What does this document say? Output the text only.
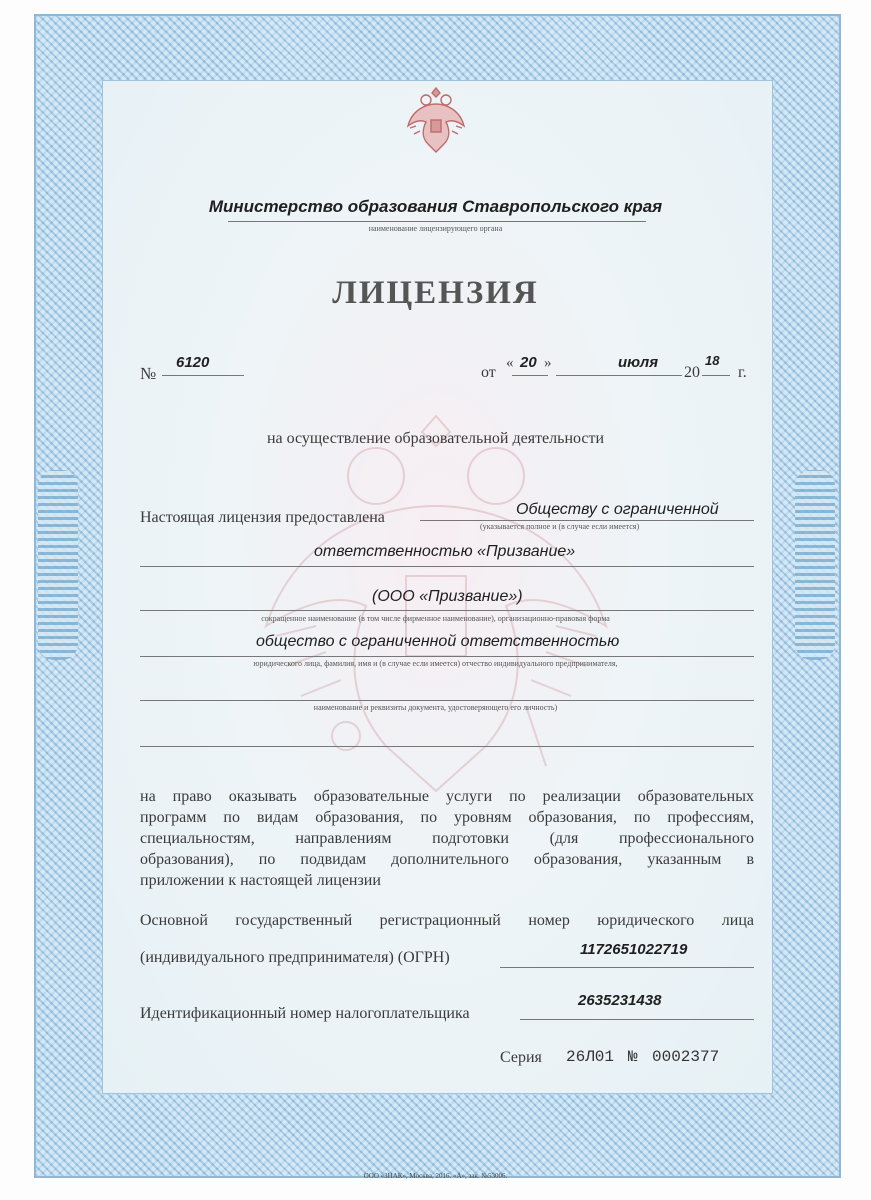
Министерство образования Ставропольского края
наименование лицензирующего органа
ЛИЦЕНЗИЯ
№
6120
от
« 20 »	июля
20
18
г.
на осуществление образовательной деятельности
Настоящая лицензия предоставлена	Обществу с ограниченной
(указывается полное и (в случае если имеется)
ответственностью «Призвание»
(ООО «Призвание»)
сокращенное наименование (в том числе фирменное наименование), организационно-правовая форма
общество с ограниченной ответственностью
юридического лица, фамилия, имя и (в случае если имеется) отчество индивидуального предпринимателя,
наименование и реквизиты документа, удостоверяющего его личность)
на право оказывать образовательные услуги по реализации образовательных
программ по видам образования, по уровням образования, по профессиям,
специальностям, направлениям подготовки (для профессионального
образования), по подвидам дополнительного образования, указанным в
приложении к настоящей лицензии
Основной государственный регистрационный номер юридического лица
(индивидуального предпринимателя) (ОГРН)	1172651022719
Идентификационный номер налогоплательщика
2635231438
Серия 26Л01 № 0002377
ООО «ЗНАК», Москва, 2016. «А», зак. №53006.
